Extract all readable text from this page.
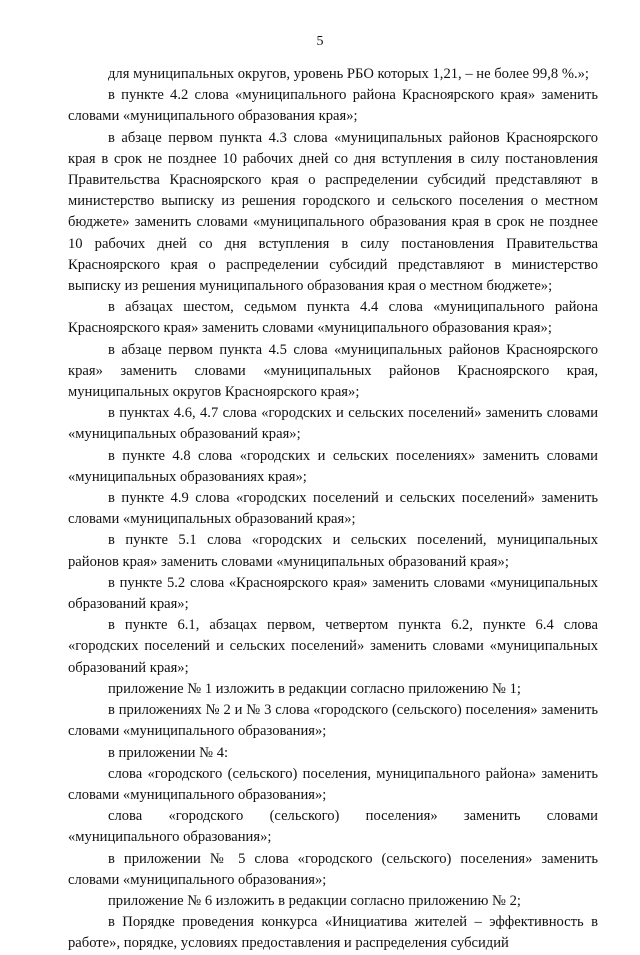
5

для муниципальных округов, уровень РБО которых 1,21, – не более 99,8 %.»;

в пункте 4.2 слова «муниципального района Красноярского края» заменить словами «муниципального образования края»;

в абзаце первом пункта 4.3 слова «муниципальных районов Красноярского края в срок не позднее 10 рабочих дней со дня вступления в силу постановления Правительства Красноярского края о распределении субсидий представляют в министерство выписку из решения городского и сельского поселения о местном бюджете» заменить словами «муниципального образования края в срок не позднее 10 рабочих дней со дня вступления в силу постановления Правительства Красноярского края о распределении субсидий представляют в министерство выписку из решения муниципального образования края о местном бюджете»;

в абзацах шестом, седьмом пункта 4.4 слова «муниципального района Красноярского края» заменить словами «муниципального образования края»;

в абзаце первом пункта 4.5 слова «муниципальных районов Красноярского края» заменить словами «муниципальных районов Красноярского края, муниципальных округов Красноярского края»;

в пунктах 4.6, 4.7 слова «городских и сельских поселений» заменить словами «муниципальных образований края»;

в пункте 4.8 слова «городских и сельских поселениях» заменить словами «муниципальных образованиях края»;

в пункте 4.9 слова «городских поселений и сельских поселений» заменить словами «муниципальных образований края»;

в пункте 5.1 слова «городских и сельских поселений, муниципальных районов края» заменить словами «муниципальных образований края»;

в пункте 5.2 слова «Красноярского края» заменить словами «муниципальных образований края»;

в пункте 6.1, абзацах первом, четвертом пункта 6.2, пункте 6.4 слова «городских поселений и сельских поселений» заменить словами «муниципальных образований края»;

приложение № 1 изложить в редакции согласно приложению № 1;

в приложениях № 2 и № 3 слова «городского (сельского) поселения» заменить словами «муниципального образования»;

в приложении № 4:

слова «городского (сельского) поселения, муниципального района» заменить словами «муниципального образования»;

слова «городского (сельского) поселения» заменить словами «муниципального образования»;

в приложении № 5 слова «городского (сельского) поселения» заменить словами «муниципального образования»;

приложение № 6 изложить в редакции согласно приложению № 2;

в Порядке проведения конкурса «Инициатива жителей – эффективность в работе», порядке, условиях предоставления и распределения субсидий
